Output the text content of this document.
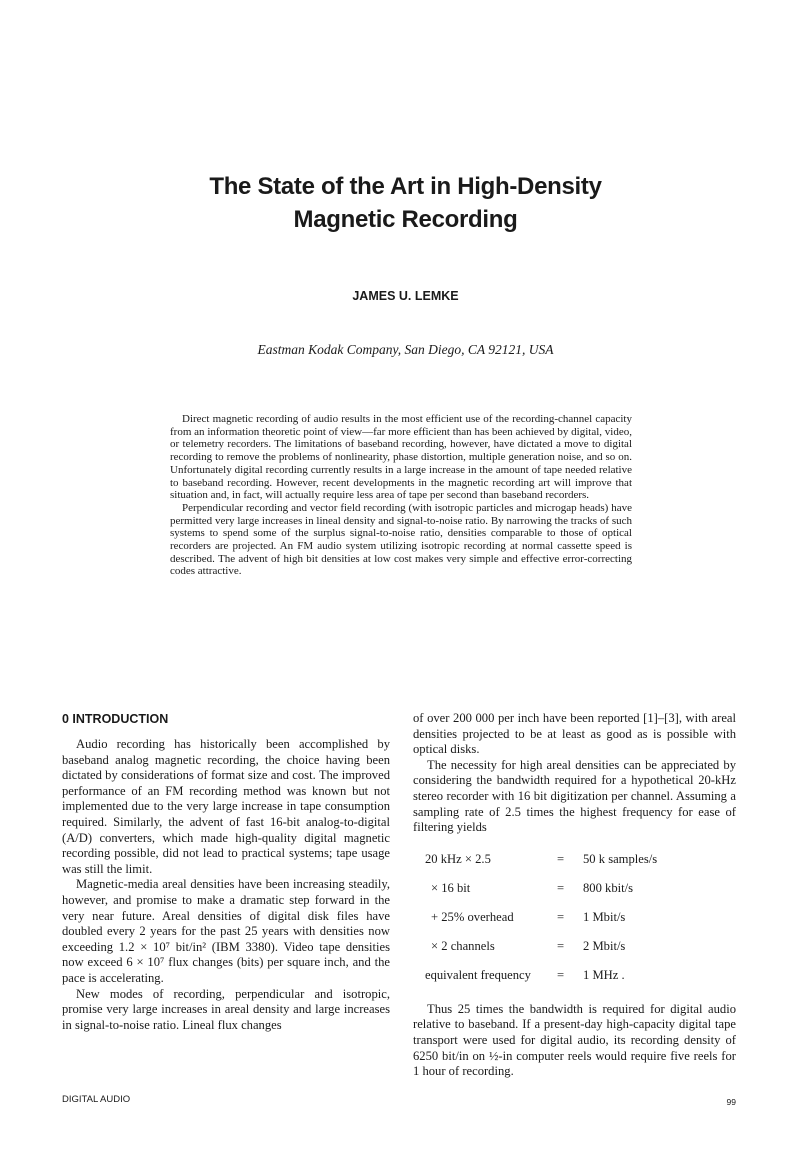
The State of the Art in High-Density
Magnetic Recording
JAMES U. LEMKE
Eastman Kodak Company, San Diego, CA 92121, USA

Direct magnetic recording of audio results in the most efficient use of the recording-channel capacity from an information theoretic point of view—far more efficient than has been achieved by digital, video, or telemetry recorders. The limitations of baseband recording, however, have dictated a move to digital recording to remove the problems of nonlinearity, phase distortion, multiple generation noise, and so on. Unfortunately digital recording currently results in a large increase in the amount of tape needed relative to baseband recording. However, recent developments in the magnetic recording art will improve that situation and, in fact, will actually require less area of tape per second than baseband recorders.

Perpendicular recording and vector field recording (with isotropic particles and microgap heads) have permitted very large increases in lineal density and signal-to-noise ratio. By narrowing the tracks of such systems to spend some of the surplus signal-to-noise ratio, densities comparable to those of optical recorders are projected. An FM audio system utilizing isotropic recording at normal cassette speed is described. The advent of high bit densities at low cost makes very simple and effective error-correcting codes attractive.

0 INTRODUCTION

Audio recording has historically been accomplished by baseband analog magnetic recording, the choice having been dictated by considerations of format size and cost. The improved performance of an FM recording method was known but not implemented due to the very large increase in tape consumption required. Similarly, the advent of fast 16-bit analog-to-digital (A/D) converters, which made high-quality digital magnetic recording possible, did not lead to practical systems; tape usage was still the limit.

Magnetic-media areal densities have been increasing steadily, however, and promise to make a dramatic step forward in the very near future. Areal densities of digital disk files have doubled every 2 years for the past 25 years with densities now exceeding 1.2 × 10⁷ bit/in² (IBM 3380). Video tape densities now exceed 6 × 10⁷ flux changes (bits) per square inch, and the pace is accelerating.

New modes of recording, perpendicular and isotropic, promise very large increases in areal density and large increases in signal-to-noise ratio. Lineal flux changes

of over 200 000 per inch have been reported [1]–[3], with areal densities projected to be at least as good as is possible with optical disks.

The necessity for high areal densities can be appreciated by considering the bandwidth required for a hypothetical 20-kHz stereo recorder with 16 bit digitization per channel. Assuming a sampling rate of 2.5 times the highest frequency for ease of filtering yields

20 kHz × 2.5	=	50 k samples/s
× 16 bit	=	800 kbit/s
+ 25% overhead	=	1 Mbit/s
× 2 channels	=	2 Mbit/s
equivalent frequency	=	1 MHz .

Thus 25 times the bandwidth is required for digital audio relative to baseband. If a present-day high-capacity digital tape transport were used for digital audio, its recording density of 6250 bit/in on ½-in computer reels would require five reels for 1 hour of recording.

DIGITAL AUDIO	99
